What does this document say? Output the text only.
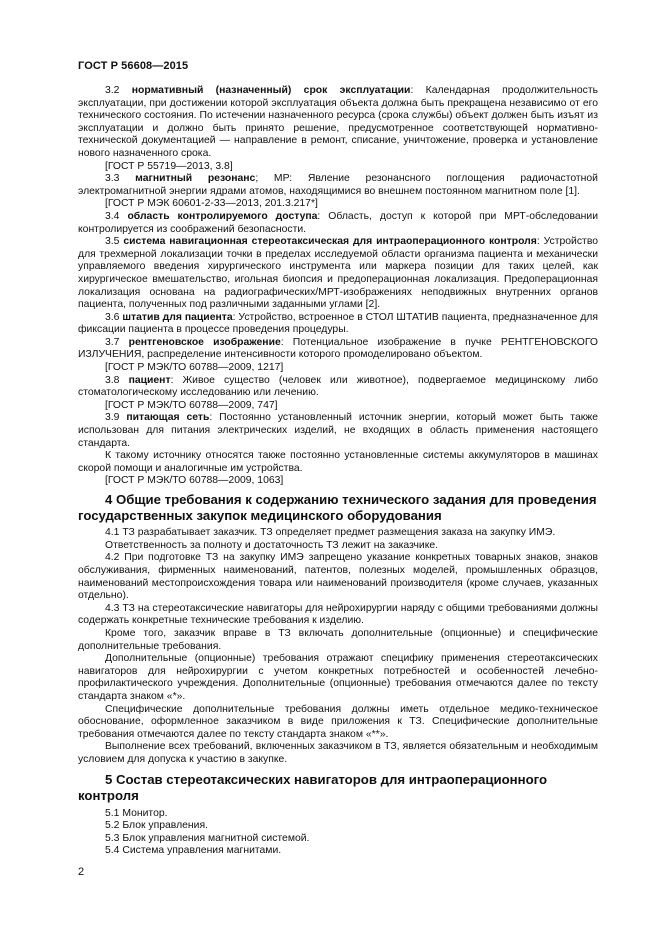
ГОСТ Р 56608—2015

3.2 нормативный (назначенный) срок эксплуатации: Календарная продолжительность эксплуатации, при достижении которой эксплуатация объекта должна быть прекращена независимо от его технического состояния. По истечении назначенного ресурса (срока службы) объект должен быть изъят из эксплуатации и должно быть принято решение, предусмотренное соответствующей нормативно-технической документацией — направление в ремонт, списание, уничтожение, проверка и установление нового назначенного срока.

[ГОСТ Р 55719—2013, 3.8]

3.3 магнитный резонанс; МР: Явление резонансного поглощения радиочастотной электромагнитной энергии ядрами атомов, находящимися во внешнем постоянном магнитном поле [1].

[ГОСТ Р МЭК 60601-2-33—2013, 201.3.217*]

3.4 область контролируемого доступа: Область, доступ к которой при МРТ-обследовании контролируется из соображений безопасности.

3.5 система навигационная стереотаксическая для интраоперационного контроля: Устройство для трехмерной локализации точки в пределах исследуемой области организма пациента и механически управляемого введения хирургического инструмента или маркера позиции для таких целей, как хирургическое вмешательство, игольная биопсия и предоперационная локализация. Предоперационная локализация основана на радиографических/МРТ-изображениях неподвижных внутренних органов пациента, полученных под различными заданными углами [2].

3.6 штатив для пациента: Устройство, встроенное в СТОЛ ШТАТИВ пациента, предназначенное для фиксации пациента в процессе проведения процедуры.

3.7 рентгеновское изображение: Потенциальное изображение в пучке РЕНТГЕНОВСКОГО ИЗЛУЧЕНИЯ, распределение интенсивности которого промоделировано объектом.

[ГОСТ Р МЭК/ТО 60788—2009, 1217]

3.8 пациент: Живое существо (человек или животное), подвергаемое медицинскому либо стоматологическому исследованию или лечению.

[ГОСТ Р МЭК/ТО 60788—2009, 747]

3.9 питающая сеть: Постоянно установленный источник энергии, который может быть также использован для питания электрических изделий, не входящих в область применения настоящего стандарта.

К такому источнику относятся также постоянно установленные системы аккумуляторов в машинах скорой помощи и аналогичные им устройства.

[ГОСТ Р МЭК/ТО 60788—2009, 1063]

4 Общие требования к содержанию технического задания для проведения государственных закупок медицинского оборудования

4.1 ТЗ разрабатывает заказчик. ТЗ определяет предмет размещения заказа на закупку ИМЭ.

Ответственность за полноту и достаточность ТЗ лежит на заказчике.

4.2 При подготовке ТЗ на закупку ИМЭ запрещено указание конкретных товарных знаков, знаков обслуживания, фирменных наименований, патентов, полезных моделей, промышленных образцов, наименований местопроисхождения товара или наименований производителя (кроме случаев, указанных отдельно).

4.3 ТЗ на стереотаксические навигаторы для нейрохирургии наряду с общими требованиями должны содержать конкретные технические требования к изделию.

Кроме того, заказчик вправе в ТЗ включать дополнительные (опционные) и специфические дополнительные требования.

Дополнительные (опционные) требования отражают специфику применения стереотаксических навигаторов для нейрохирургии с учетом конкретных потребностей и особенностей лечебно-профилактического учреждения. Дополнительные (опционные) требования отмечаются далее по тексту стандарта знаком «*».

Специфические дополнительные требования должны иметь отдельное медико-техническое обоснование, оформленное заказчиком в виде приложения к ТЗ. Специфические дополнительные требования отмечаются далее по тексту стандарта знаком «**».

Выполнение всех требований, включенных заказчиком в ТЗ, является обязательным и необходимым условием для допуска к участию в закупке.

5 Состав стереотаксических навигаторов для интраоперационного контроля

5.1 Монитор.

5.2 Блок управления.

5.3 Блок управления магнитной системой.

5.4 Система управления магнитами.

2
